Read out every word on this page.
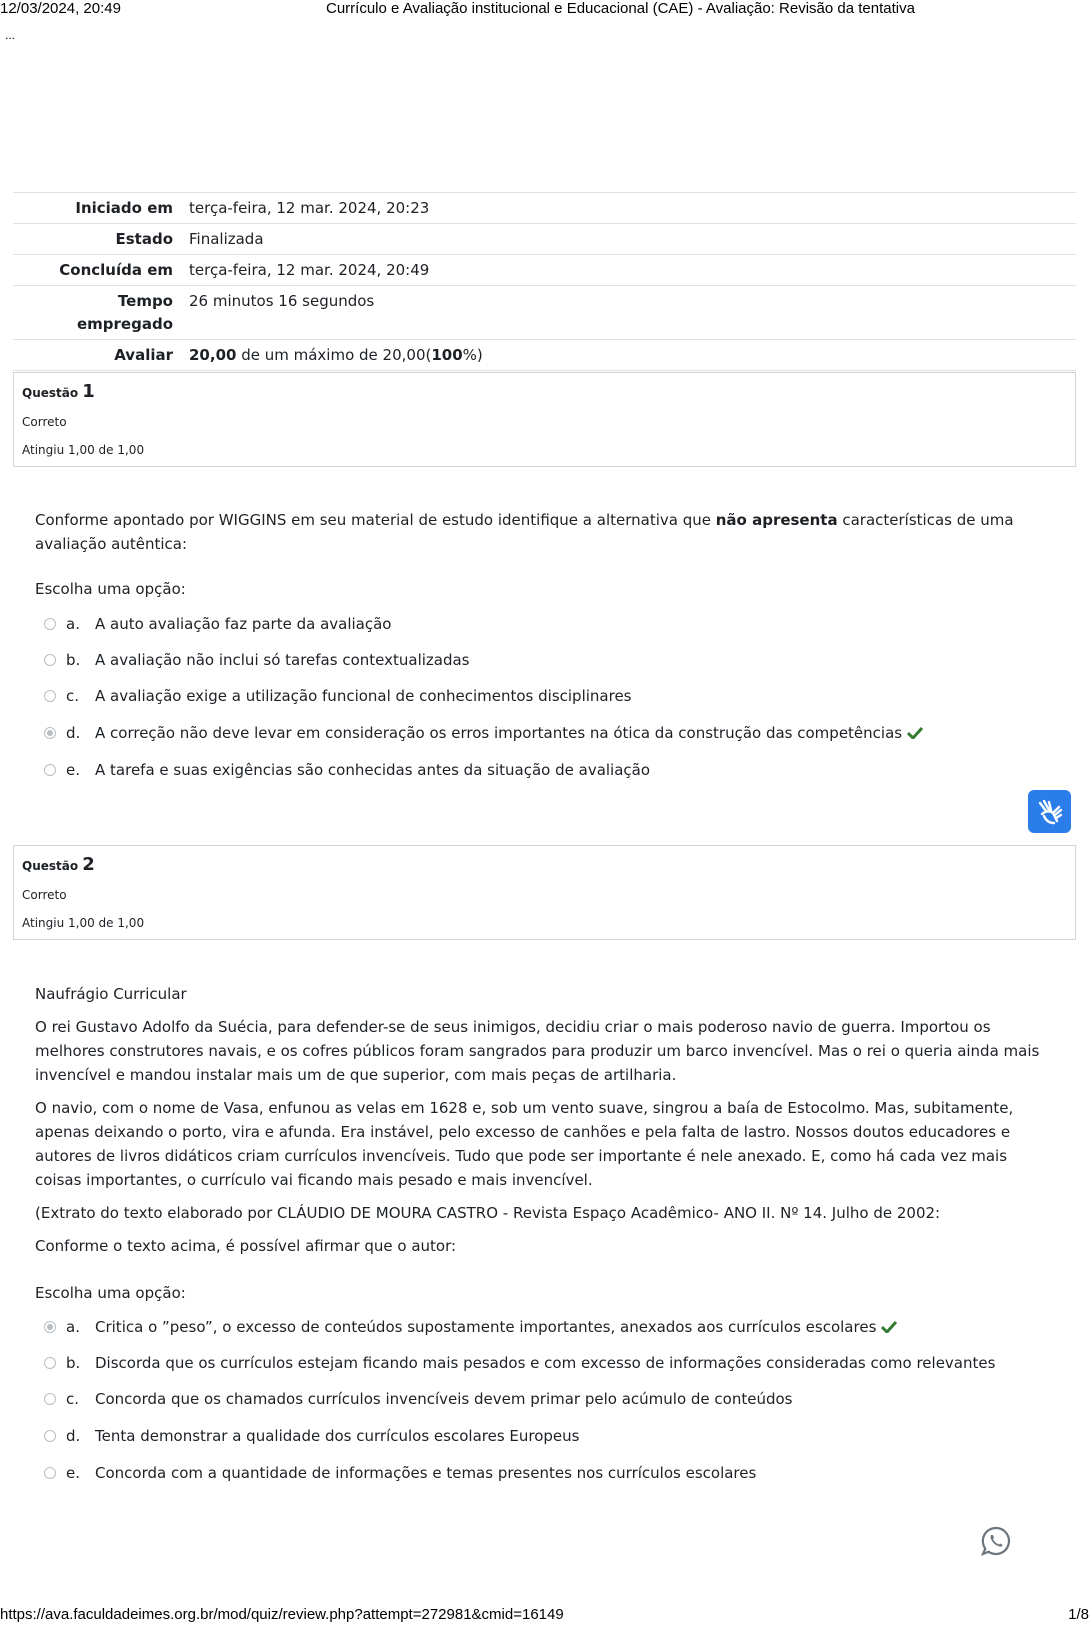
12/03/2024, 20:49	Currículo e Avaliação institucional e Educacional (CAE) - Avaliação: Revisão da tentativa
...
Iniciado em	terça-feira, 12 mar. 2024, 20:23
Estado	Finalizada
Concluída em	terça-feira, 12 mar. 2024, 20:49
Tempo empregado	26 minutos 16 segundos
Avaliar	20,00 de um máximo de 20,00(100%)
Questão 1
Correto
Atingiu 1,00 de 1,00

Conforme apontado por WIGGINS em seu material de estudo identifique a alternativa que não apresenta características de uma avaliação autêntica:

Escolha uma opção:
a. A auto avaliação faz parte da avaliação
b. A avaliação não inclui só tarefas contextualizadas
c. A avaliação exige a utilização funcional de conhecimentos disciplinares
d. A correção não deve levar em consideração os erros importantes na ótica da construção das competências
e. A tarefa e suas exigências são conhecidas antes da situação de avaliação
Questão 2
Correto
Atingiu 1,00 de 1,00

Naufrágio Curricular

O rei Gustavo Adolfo da Suécia, para defender-se de seus inimigos, decidiu criar o mais poderoso navio de guerra. Importou os melhores construtores navais, e os cofres públicos foram sangrados para produzir um barco invencível. Mas o rei o queria ainda mais invencível e mandou instalar mais um de que superior, com mais peças de artilharia.

O navio, com o nome de Vasa, enfunou as velas em 1628 e, sob um vento suave, singrou a baía de Estocolmo. Mas, subitamente, apenas deixando o porto, vira e afunda. Era instável, pelo excesso de canhões e pela falta de lastro. Nossos doutos educadores e autores de livros didáticos criam currículos invencíveis. Tudo que pode ser importante é nele anexado. E, como há cada vez mais coisas importantes, o currículo vai ficando mais pesado e mais invencível.

(Extrato do texto elaborado por CLÁUDIO DE MOURA CASTRO - Revista Espaço Acadêmico- ANO II. Nº 14. Julho de 2002:

Conforme o texto acima, é possível afirmar que o autor:

Escolha uma opção:
a. Critica o ”peso”, o excesso de conteúdos supostamente importantes, anexados aos currículos escolares
b. Discorda que os currículos estejam ficando mais pesados e com excesso de informações consideradas como relevantes
c. Concorda que os chamados currículos invencíveis devem primar pelo acúmulo de conteúdos
d. Tenta demonstrar a qualidade dos currículos escolares Europeus
e. Concorda com a quantidade de informações e temas presentes nos currículos escolares
https://ava.faculdadeimes.org.br/mod/quiz/review.php?attempt=272981&cmid=16149	1/8
